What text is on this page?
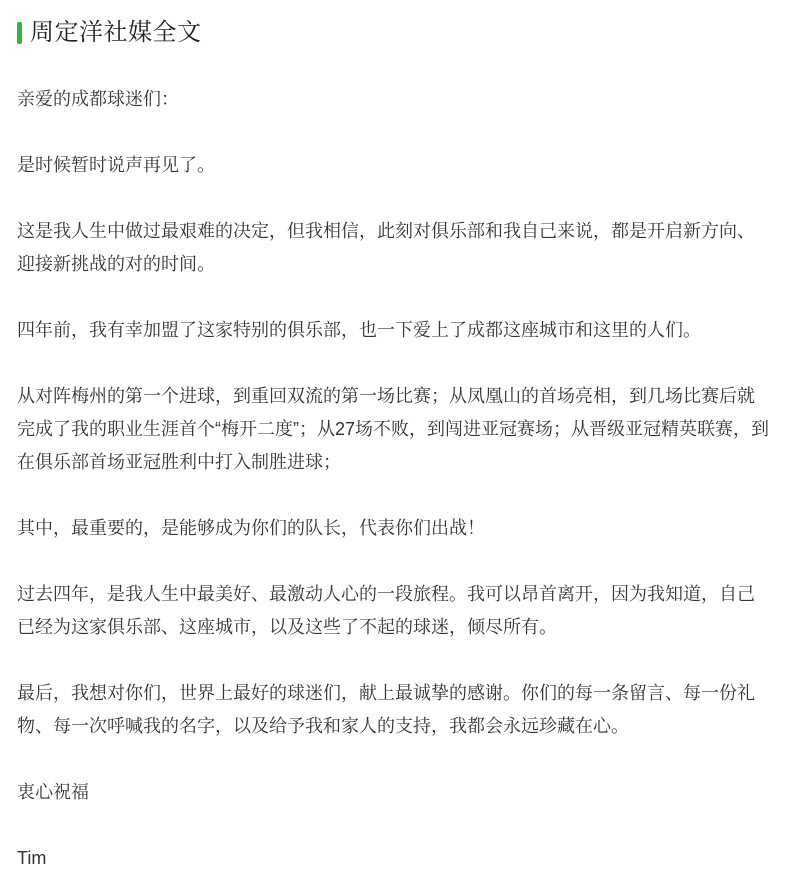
周定洋社媒全文

亲爱的成都球迷们：

是时候暂时说声再见了。

这是我人生中做过最艰难的决定，但我相信，此刻对俱乐部和我自己来说，都是开启新方向、迎接新挑战的对的时间。

四年前，我有幸加盟了这家特别的俱乐部，也一下爱上了成都这座城市和这里的人们。

从对阵梅州的第一个进球，到重回双流的第一场比赛；从凤凰山的首场亮相，到几场比赛后就完成了我的职业生涯首个“梅开二度”；从27场不败，到闯进亚冠赛场；从晋级亚冠精英联赛，到在俱乐部首场亚冠胜利中打入制胜进球；

其中，最重要的，是能够成为你们的队长，代表你们出战！

过去四年，是我人生中最美好、最激动人心的一段旅程。我可以昂首离开，因为我知道，自己已经为这家俱乐部、这座城市，以及这些了不起的球迷，倾尽所有。

最后，我想对你们，世界上最好的球迷们，献上最诚挚的感谢。你们的每一条留言、每一份礼物、每一次呼喊我的名字，以及给予我和家人的支持，我都会永远珍藏在心。

衷心祝福

Tim
